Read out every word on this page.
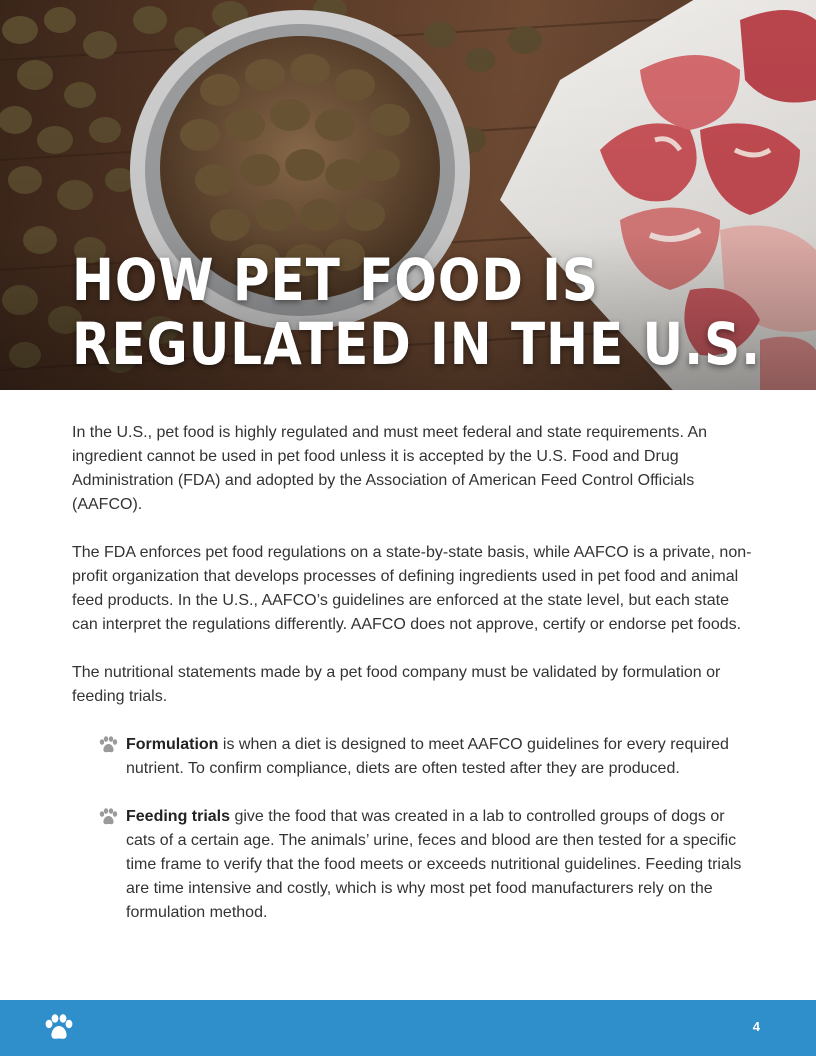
HOW PET FOOD IS
REGULATED IN THE U.S.

In the U.S., pet food is highly regulated and must meet federal and state requirements. An ingredient cannot be used in pet food unless it is accepted by the U.S. Food and Drug Administration (FDA) and adopted by the Association of American Feed Control Officials (AAFCO).

The FDA enforces pet food regulations on a state-by-state basis, while AAFCO is a private, non-profit organization that develops processes of defining ingredients used in pet food and animal feed products. In the U.S., AAFCO’s guidelines are enforced at the state level, but each state can interpret the regulations differently. AAFCO does not approve, certify or endorse pet foods.

The nutritional statements made by a pet food company must be validated by formulation or feeding trials.

Formulation is when a diet is designed to meet AAFCO guidelines for every required nutrient. To confirm compliance, diets are often tested after they are produced.
Feeding trials give the food that was created in a lab to controlled groups of dogs or cats of a certain age. The animals’ urine, feces and blood are then tested for a specific time frame to verify that the food meets or exceeds nutritional guidelines. Feeding trials are time intensive and costly, which is why most pet food manufacturers rely on the formulation method.
4
